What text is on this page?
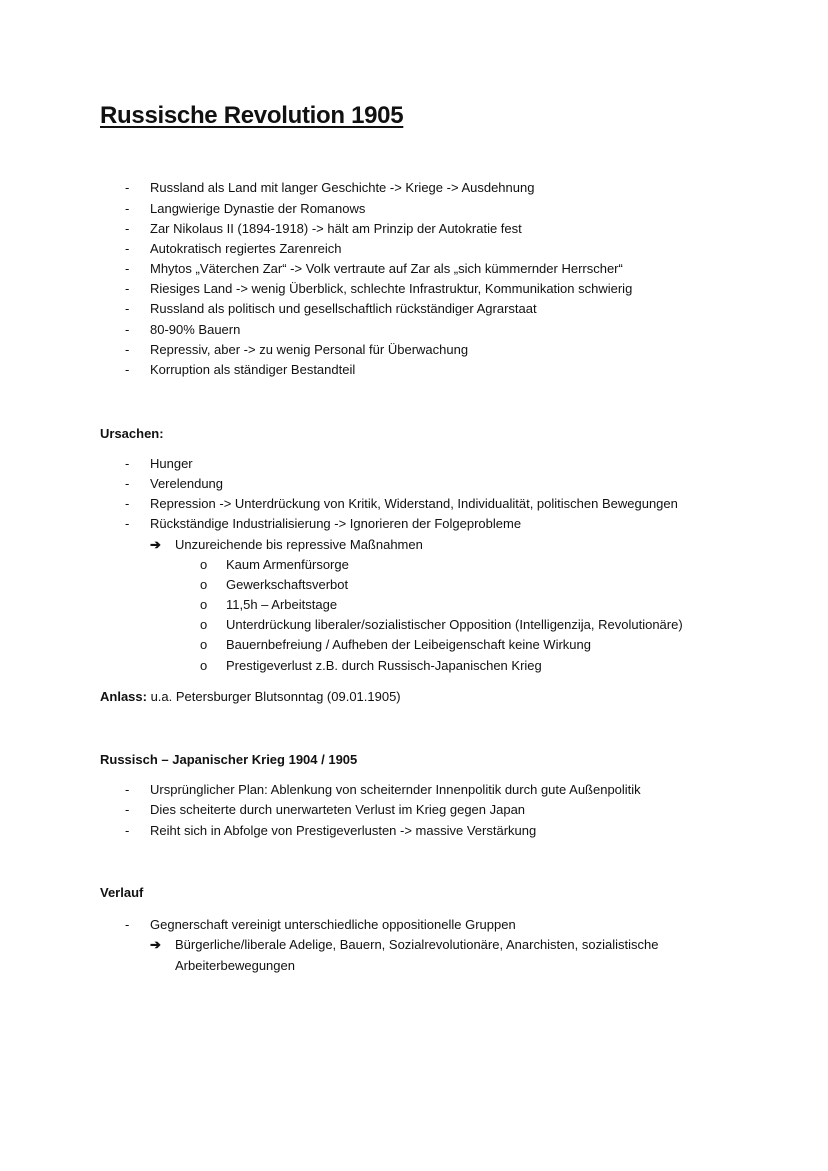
Russische Revolution 1905
- Russland als Land mit langer Geschichte -> Kriege -> Ausdehnung
- Langwierige Dynastie der Romanows
- Zar Nikolaus II (1894-1918) -> hält am Prinzip der Autokratie fest
- Autokratisch regiertes Zarenreich
- Mhytos „Väterchen Zar“ -> Volk vertraute auf Zar als „sich kümmernder Herrscher“
- Riesiges Land -> wenig Überblick, schlechte Infrastruktur, Kommunikation schwierig
- Russland als politisch und gesellschaftlich rückständiger Agrarstaat
- 80-90% Bauern
- Repressiv, aber -> zu wenig Personal für Überwachung
- Korruption als ständiger Bestandteil
Ursachen:
- Hunger
- Verelendung
- Repression -> Unterdrückung von Kritik, Widerstand, Individualität, politischen Bewegungen
- Rückständige Industrialisierung -> Ignorieren der Folgeprobleme
➔ Unzureichende bis repressive Maßnahmen
o Kaum Armenfürsorge
o Gewerkschaftsverbot
o 11,5h – Arbeitstage
o Unterdrückung liberaler/sozialistischer Opposition (Intelligenzija, Revolutionäre)
o Bauernbefreiung / Aufheben der Leibeigenschaft keine Wirkung
o Prestigeverlust z.B. durch Russisch-Japanischen Krieg
Anlass: u.a. Petersburger Blutsonntag (09.01.1905)
Russisch – Japanischer Krieg 1904 / 1905
- Ursprünglicher Plan: Ablenkung von scheiternder Innenpolitik durch gute Außenpolitik
- Dies scheiterte durch unerwarteten Verlust im Krieg gegen Japan
- Reiht sich in Abfolge von Prestigeverlusten -> massive Verstärkung
Verlauf
- Gegnerschaft vereinigt unterschiedliche oppositionelle Gruppen
➔ Bürgerliche/liberale Adelige, Bauern, Sozialrevolutionäre, Anarchisten, sozialistische
Arbeiterbewegungen
